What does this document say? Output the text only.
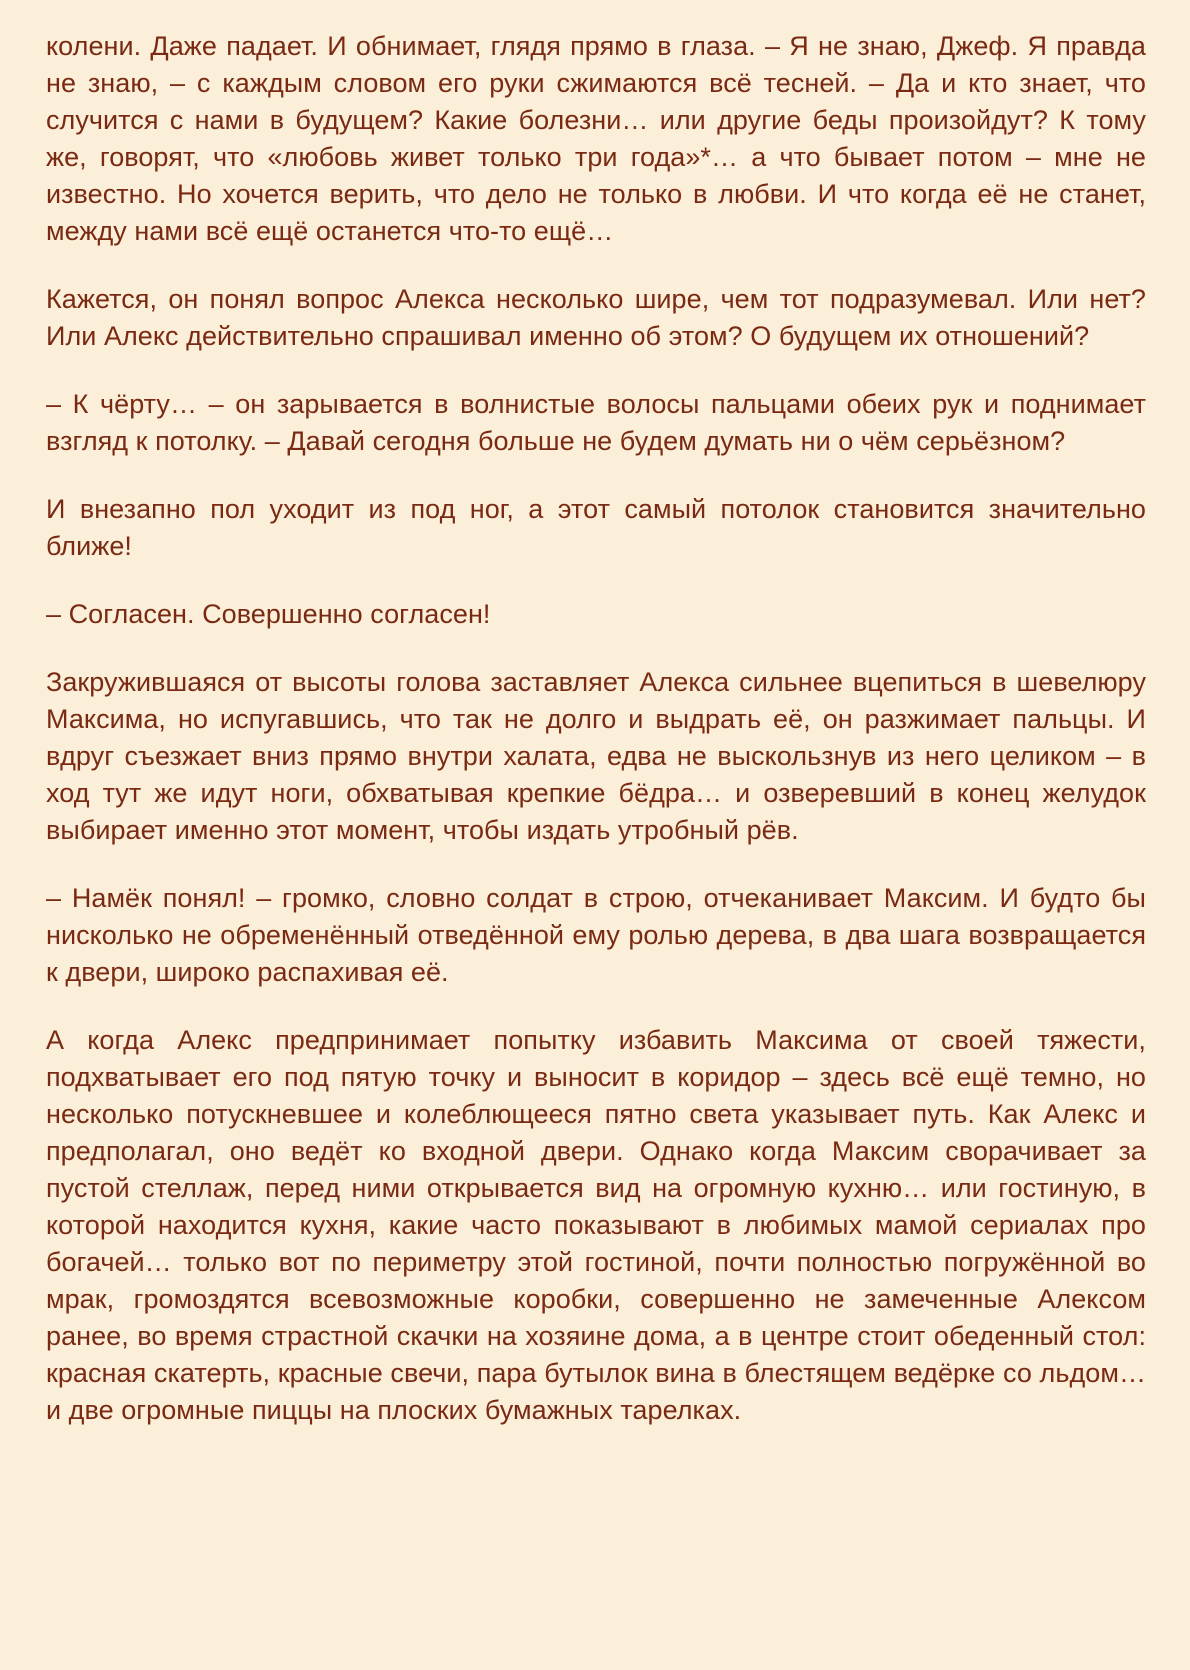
колени. Даже падает. И обнимает, глядя прямо в глаза. – Я не знаю, Джеф. Я правда не знаю, – с каждым словом его руки сжимаются всё тесней. – Да и кто знает, что случится с нами в будущем? Какие болезни… или другие беды произойдут? К тому же, говорят, что «любовь живет только три года»*… а что бывает потом – мне не известно. Но хочется верить, что дело не только в любви. И что когда её не станет, между нами всё ещё останется что-то ещё…

Кажется, он понял вопрос Алекса несколько шире, чем тот подразумевал. Или нет? Или Алекс действительно спрашивал именно об этом? О будущем их отношений?

– К чёрту… – он зарывается в волнистые волосы пальцами обеих рук и поднимает взгляд к потолку. – Давай сегодня больше не будем думать ни о чём серьёзном?

И внезапно пол уходит из под ног, а этот самый потолок становится значительно ближе!

– Согласен. Совершенно согласен!

Закружившаяся от высоты голова заставляет Алекса сильнее вцепиться в шевелюру Максима, но испугавшись, что так не долго и выдрать её, он разжимает пальцы. И вдруг съезжает вниз прямо внутри халата, едва не выскользнув из него целиком – в ход тут же идут ноги, обхватывая крепкие бёдра… и озверевший в конец желудок выбирает именно этот момент, чтобы издать утробный рёв.

– Намёк понял! – громко, словно солдат в строю, отчеканивает Максим. И будто бы нисколько не обременённый отведённой ему ролью дерева, в два шага возвращается к двери, широко распахивая её.

А когда Алекс предпринимает попытку избавить Максима от своей тяжести, подхватывает его под пятую точку и выносит в коридор – здесь всё ещё темно, но несколько потускневшее и колеблющееся пятно света указывает путь. Как Алекс и предполагал, оно ведёт ко входной двери. Однако когда Максим сворачивает за пустой стеллаж, перед ними открывается вид на огромную кухню… или гостиную, в которой находится кухня, какие часто показывают в любимых мамой сериалах про богачей… только вот по периметру этой гостиной, почти полностью погружённой во мрак, громоздятся всевозможные коробки, совершенно не замеченные Алексом ранее, во время страстной скачки на хозяине дома, а в центре стоит обеденный стол: красная скатерть, красные свечи, пара бутылок вина в блестящем ведёрке со льдом… и две огромные пиццы на плоских бумажных тарелках.
